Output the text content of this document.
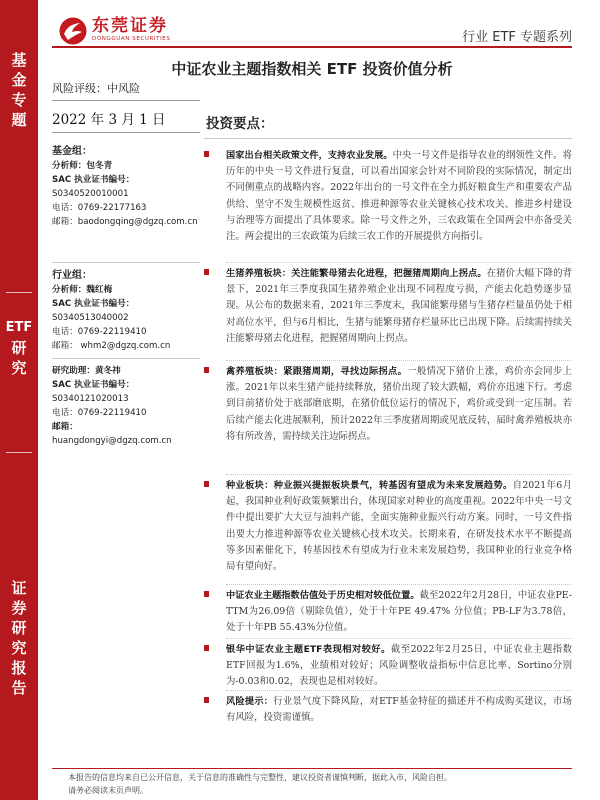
基
金
专
题
ETF
研
究
证
券
研
究
报
告
东莞证券
DONGGUAN SECURITIES	行业 ETF 专题系列
中证农业主题指数相关 ETF 投资价值分析
风险评级：中风险
2022 年 3 月 1 日
基金组：
分析师：包冬青
SAC 执业证书编号：
S0340520010001
电话：0769-22177163
邮箱：baodongqing@dgzq.com.cn
行业组：
分析师：魏红梅
SAC 执业证书编号：
S0340513040002
电话：0769-22119410
邮箱： whm2@dgzq.com.cn
研究助理：黄冬祎
SAC 执业证书编号：
S0340121020013
电话：0769-22119410
邮箱：
huangdongyi@dgzq.com.cn
投资要点：
国家出台相关政策文件，支持农业发展。中央一号文件是指导农业的纲领性文件。将历年的中央一号文件进行复盘，可以看出国家会针对不同阶段的实际情况，制定出不同侧重点的战略内容。2022年出台的一号文件在全力抓好粮食生产和重要农产品供给、坚守不发生规模性返贫、推进种源等农业关键核心技术攻关、推进乡村建设与治理等方面提出了具体要求。除一号文件之外，三农政策在全国两会中亦备受关注。两会提出的三农政策为后续三农工作的开展提供方向指引。
生猪养殖板块：关注能繁母猪去化进程，把握猪周期向上拐点。在猪价大幅下降的背景下，2021年三季度我国生猪养殖企业出现不同程度亏损，产能去化趋势逐步显现。从公布的数据来看，2021年三季度末，我国能繁母猪与生猪存栏量虽仍处于相对高位水平，但与6月相比，生猪与能繁母猪存栏量环比已出现下降。后续需持续关注能繁母猪去化进程，把握猪周期向上拐点。
禽养殖板块：紧跟猪周期，寻找边际拐点。一般情况下猪价上涨，鸡价亦会同步上涨。2021年以来生猪产能持续释放，猪价出现了较大跌幅，鸡价亦迅速下行。考虑到目前猪价处于底部磨底期，在猪价低位运行的情况下，鸡价或受到一定压制。若后续产能去化进展顺利，预计2022年三季度猪周期或见底反转，届时禽养殖板块亦将有所改善，需持续关注边际拐点。
种业板块：种业振兴提振板块景气，转基因有望成为未来发展趋势。自2021年6月起，我国种业利好政策频繁出台，体现国家对种业的高度重视。2022年中央一号文件中提出要扩大大豆与油料产能，全面实施种业振兴行动方案。同时，一号文件指出要大力推进种源等农业关键核心技术攻关。长期来看，在研发技术水平不断提高等多因素催化下，转基因技术有望成为行业未来发展趋势，我国种业的行业竞争格局有望向好。
中证农业主题指数估值处于历史相对较低位置。截至2022年2月28日，中证农业PE-TTM为26.09倍（剔除负值），处于十年PE 49.47% 分位值；PB-LF为3.78倍，处于十年PB 55.43%分位值。
银华中证农业主题ETF表现相对较好。截至2022年2月25日，中证农业主题指数ETF回报为1.6%，业绩相对较好；风险调整收益指标中信息比率、Sortino分别为-0.03和0.02，表现也是相对较好。
风险提示：行业景气度下降风险，对ETF基金特征的描述并不构成购买建议，市场有风险，投资需谨慎。
本报告的信息均来自已公开信息，关于信息的准确性与完整性，建议投资者谨慎判断，据此入市，风险自担。
请务必阅读末页声明。
